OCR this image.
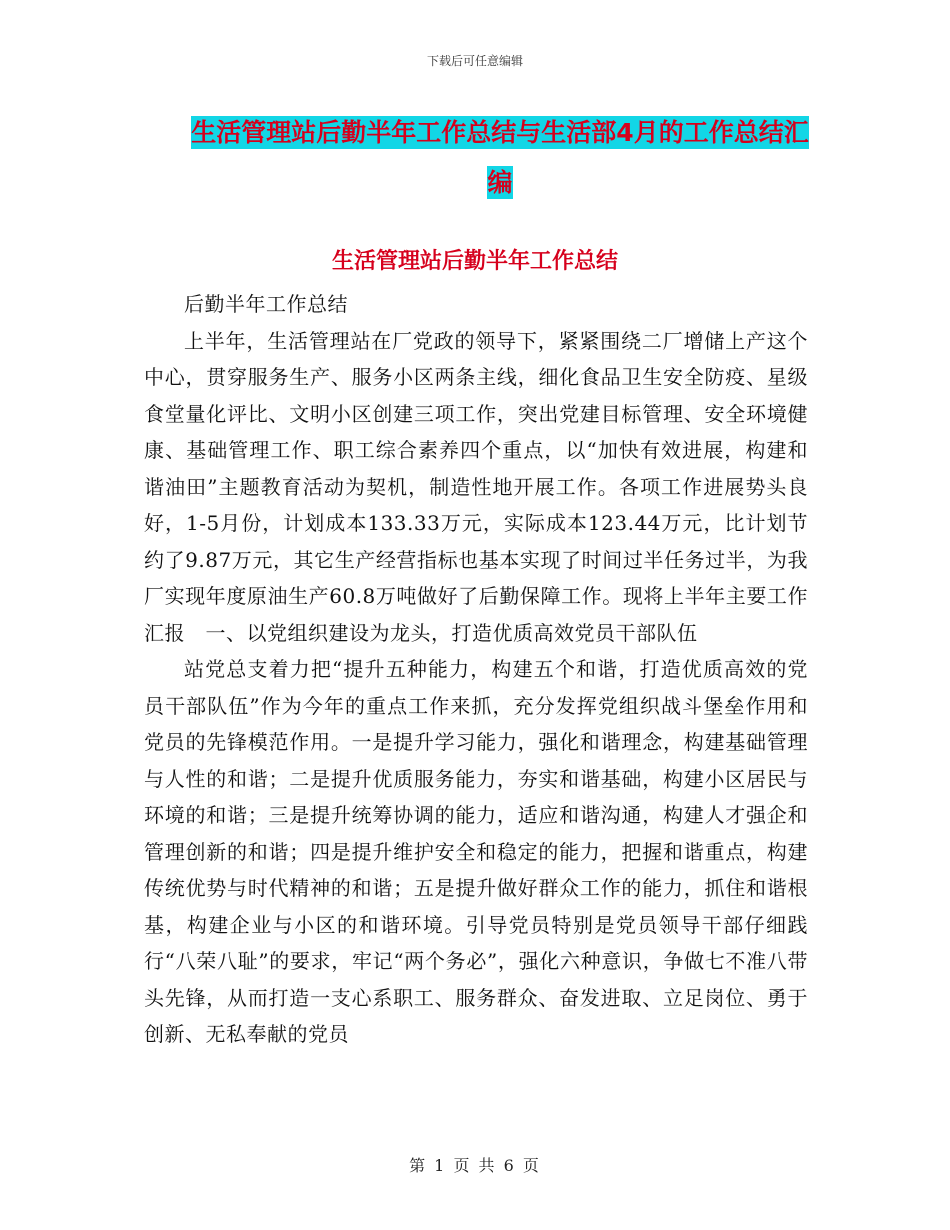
下载后可任意编辑
生活管理站后勤半年工作总结与生活部4月的工作总结汇编
生活管理站后勤半年工作总结

后勤半年工作总结

上半年，生活管理站在厂党政的领导下，紧紧围绕二厂增储上产这个中心，贯穿服务生产、服务小区两条主线，细化食品卫生安全防疫、星级食堂量化评比、文明小区创建三项工作，突出党建目标管理、安全环境健康、基础管理工作、职工综合素养四个重点，以“加快有效进展，构建和谐油田”主题教育活动为契机，制造性地开展工作。各项工作进展势头良好，1-5月份，计划成本133.33万元，实际成本123.44万元，比计划节约了9.87万元，其它生产经营指标也基本实现了时间过半任务过半，为我厂实现年度原油生产60.8万吨做好了后勤保障工作。现将上半年主要工作汇报　一、以党组织建设为龙头，打造优质高效党员干部队伍

站党总支着力把“提升五种能力，构建五个和谐，打造优质高效的党员干部队伍”作为今年的重点工作来抓，充分发挥党组织战斗堡垒作用和党员的先锋模范作用。一是提升学习能力，强化和谐理念，构建基础管理与人性的和谐；二是提升优质服务能力，夯实和谐基础，构建小区居民与环境的和谐；三是提升统筹协调的能力，适应和谐沟通，构建人才强企和管理创新的和谐；四是提升维护安全和稳定的能力，把握和谐重点，构建传统优势与时代精神的和谐；五是提升做好群众工作的能力，抓住和谐根基，构建企业与小区的和谐环境。引导党员特别是党员领导干部仔细践行“八荣八耻”的要求，牢记“两个务必”，强化六种意识，争做七不准八带头先锋，从而打造一支心系职工、服务群众、奋发进取、立足岗位、勇于创新、无私奉献的党员

第 1 页 共 6 页
